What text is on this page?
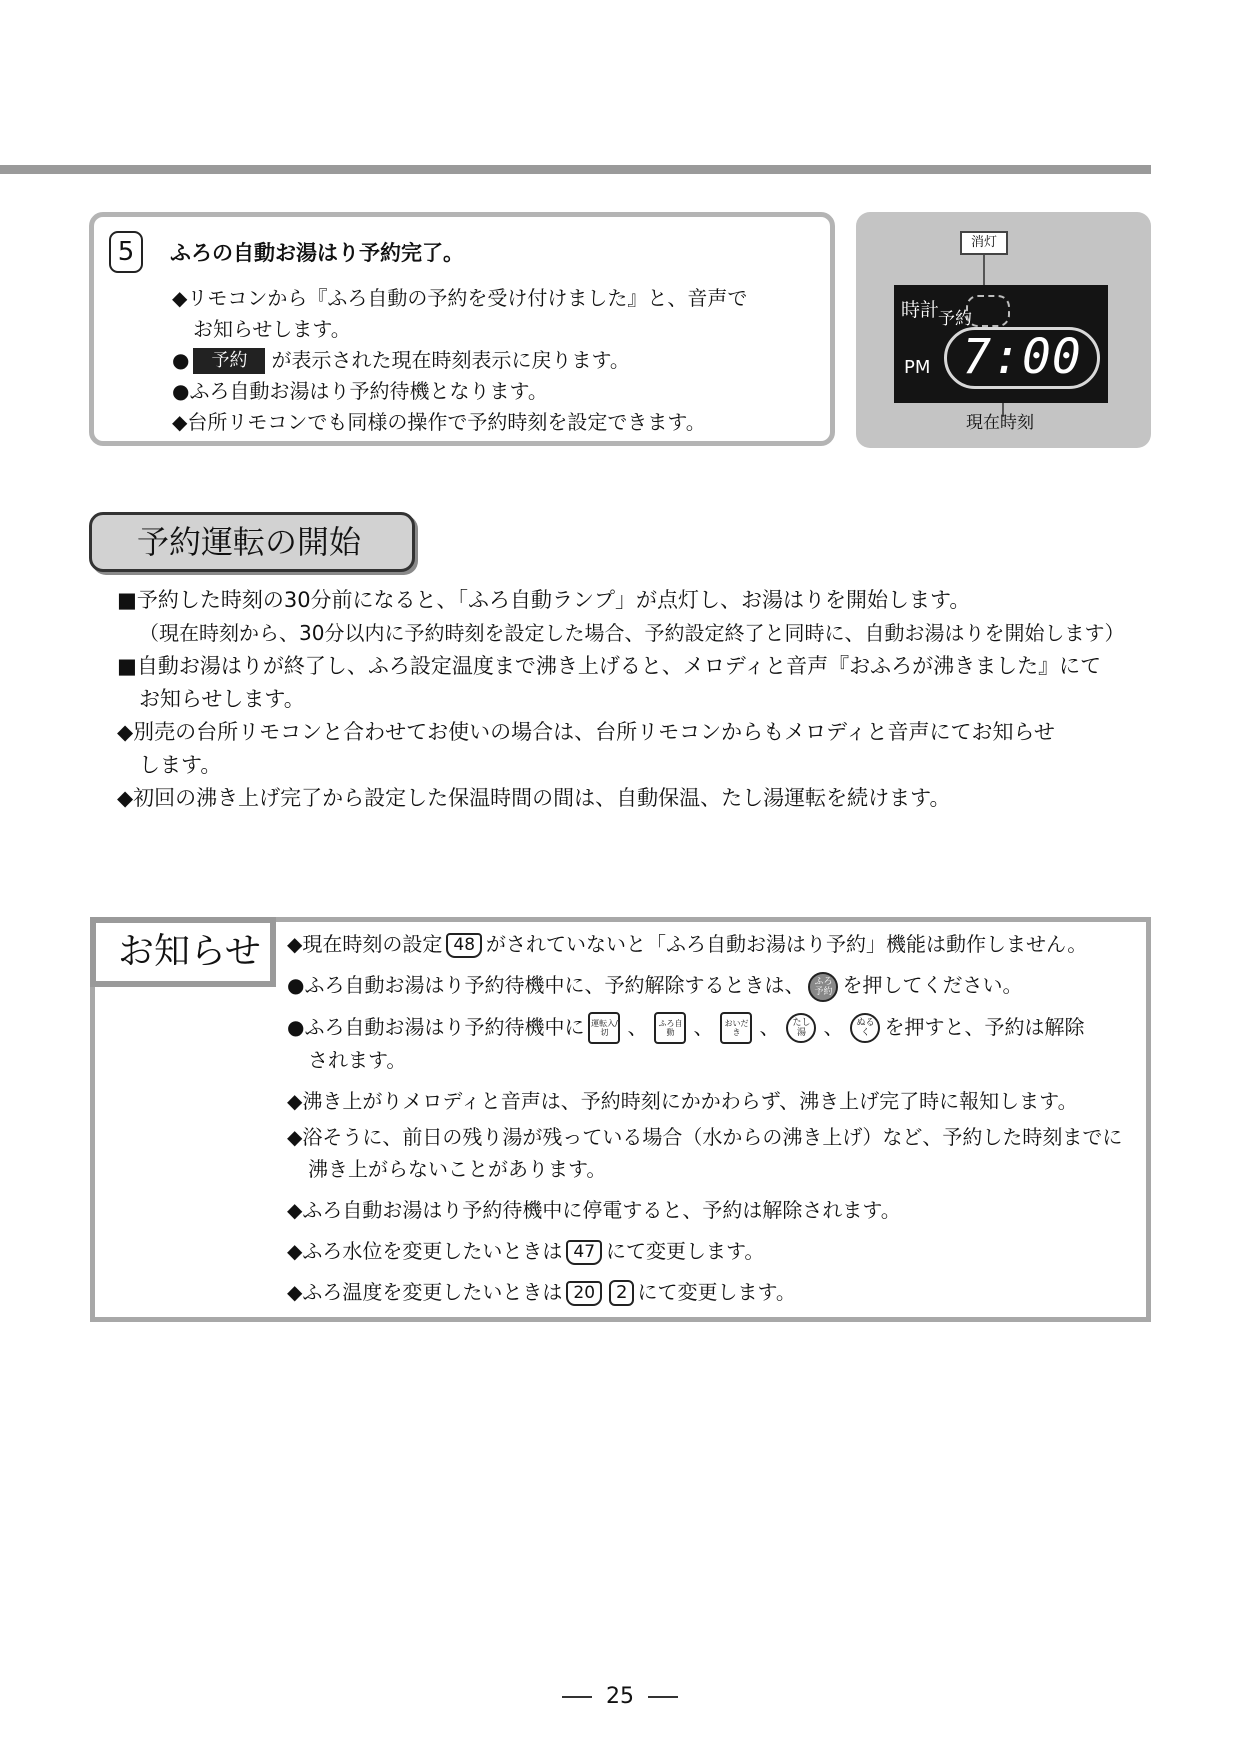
5	ふろの自動お湯はり予約完了。
◆リモコンから『ふろ自動の予約を受け付けました』と、音声で
お知らせします。
● 予約 が表示された現在時刻表示に戻ります。
●ふろ自動お湯はり予約待機となります。
◆台所リモコンでも同様の操作で予約時刻を設定できます。
消灯
時計
予約
PM 7:00
現在時刻
予約運転の開始
■予約した時刻の30分前になると、「ふろ自動ランプ」が点灯し、お湯はりを開始します。
（現在時刻から、30分以内に予約時刻を設定した場合、予約設定終了と同時に、自動お湯はりを開始します）
■自動お湯はりが終了し、ふろ設定温度まで沸き上げると、メロディと音声『おふろが沸きました』にて
お知らせします。
◆別売の台所リモコンと合わせてお使いの場合は、台所リモコンからもメロディと音声にてお知らせ
します。
◆初回の沸き上げ完了から設定した保温時間の間は、自動保温、たし湯運転を続けます。
お知らせ	◆現在時刻の設定 48 がされていないと「ふろ自動お湯はり予約」機能は動作しません。
●ふろ自動お湯はり予約待機中に、予約解除するときは、 ふろ予約 を押してください。
●ふろ自動お湯はり予約待機中に 運転入/切 、 ふろ自動 、 おいだき 、 たし湯 、 ぬるく を押すと、予約は解除
されます。
◆沸き上がりメロディと音声は、予約時刻にかかわらず、沸き上げ完了時に報知します。
◆浴そうに、前日の残り湯が残っている場合（水からの沸き上げ）など、予約した時刻までに
沸き上がらないことがあります。
◆ふろ自動お湯はり予約待機中に停電すると、予約は解除されます。
◆ふろ水位を変更したいときは 47 にて変更します。
◆ふろ温度を変更したいときは 20 2 にて変更します。
25
